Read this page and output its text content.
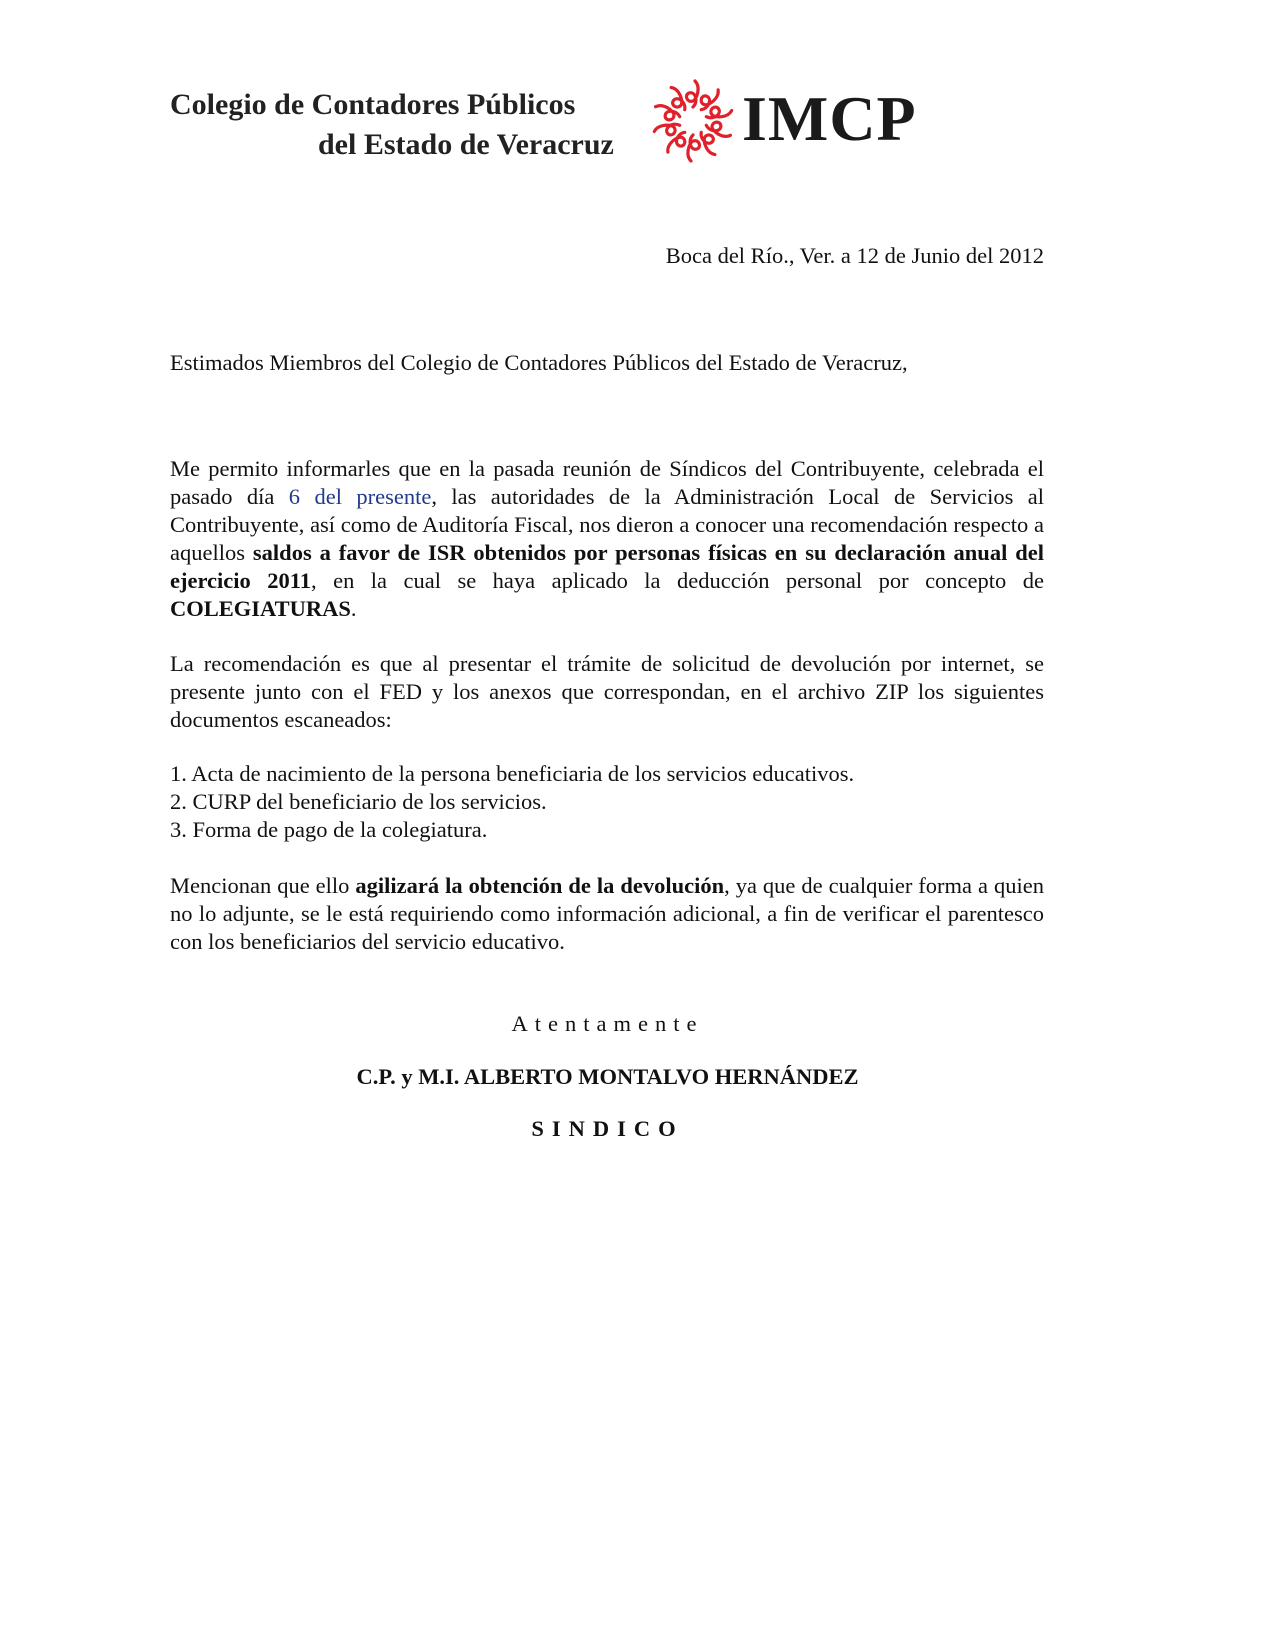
Colegio de Contadores Públicos
del Estado de Veracruz IMCP
Boca del Río., Ver. a 12 de Junio del 2012
Estimados Miembros del Colegio de Contadores Públicos del Estado de Veracruz,
Me permito informarles que en la pasada reunión de Síndicos del Contribuyente, celebrada el pasado día 6 del presente, las autoridades de la Administración Local de Servicios al Contribuyente, así como de Auditoría Fiscal, nos dieron a conocer una recomendación respecto a aquellos saldos a favor de ISR obtenidos por personas físicas en su declaración anual del ejercicio 2011, en la cual se haya aplicado la deducción personal por concepto de COLEGIATURAS.
La recomendación es que al presentar el trámite de solicitud de devolución por internet, se presente junto con el FED y los anexos que correspondan, en el archivo ZIP los siguientes documentos escaneados:
1. Acta de nacimiento de la persona beneficiaria de los servicios educativos.
2. CURP del beneficiario de los servicios.
3. Forma de pago de la colegiatura.
Mencionan que ello agilizará la obtención de la devolución, ya que de cualquier forma a quien no lo adjunte, se le está requiriendo como información adicional, a fin de verificar el parentesco con los beneficiarios del servicio educativo.
Atentamente
C.P. y M.I. ALBERTO MONTALVO HERNÁNDEZ
SINDICO
